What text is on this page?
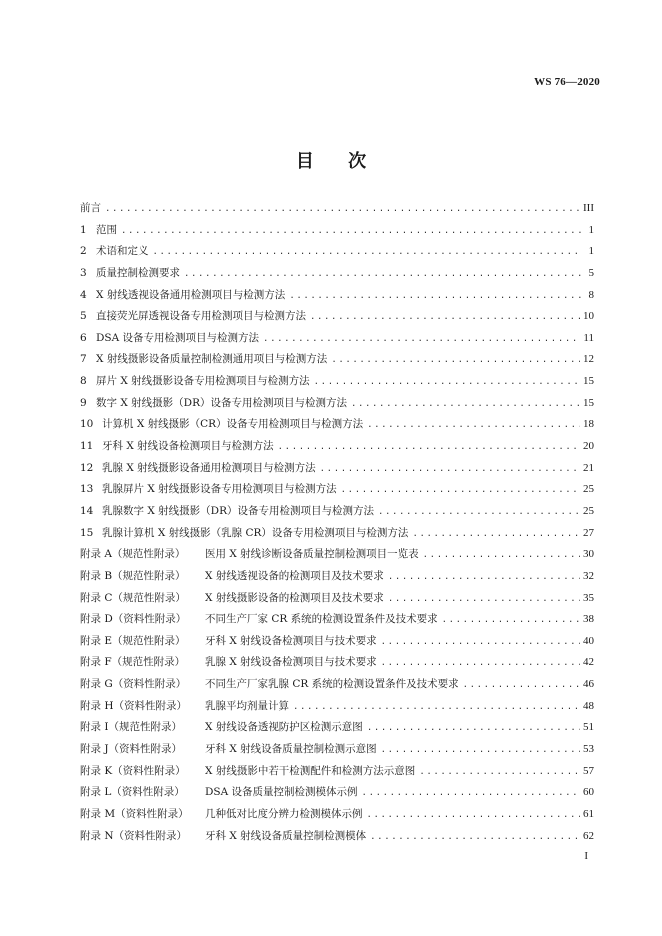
WS 76—2020
目 次
前言 .....	III
1 范围 .....	1
2 术语和定义 .....	1
3 质量控制检测要求 .....	5
4 X 射线透视设备通用检测项目与检测方法 .....	8
5 直接荧光屏透视设备专用检测项目与检测方法 .....	10
6 DSA 设备专用检测项目与检测方法 .....	11
7 X 射线摄影设备质量控制检测通用项目与检测方法 .....	12
8 屏片 X 射线摄影设备专用检测项目与检测方法 .....	15
9 数字 X 射线摄影（DR）设备专用检测项目与检测方法 .....	15
10 计算机 X 射线摄影（CR）设备专用检测项目与检测方法 .....	18
11 牙科 X 射线设备检测项目与检测方法 .....	20
12 乳腺 X 射线摄影设备通用检测项目与检测方法 .....	21
13 乳腺屏片 X 射线摄影设备专用检测项目与检测方法 .....	25
14 乳腺数字 X 射线摄影（DR）设备专用检测项目与检测方法 .....	25
15 乳腺计算机 X 射线摄影（乳腺 CR）设备专用检测项目与检测方法 .....	27
附录 A（规范性附录）	医用 X 射线诊断设备质量控制检测项目一览表 .....	30
附录 B（规范性附录）	X 射线透视设备的检测项目及技术要求 .....	32
附录 C（规范性附录）	X 射线摄影设备的检测项目及技术要求 .....	35
附录 D（资料性附录）	不同生产厂家 CR 系统的检测设置条件及技术要求 .....	38
附录 E（规范性附录）	牙科 X 射线设备检测项目与技术要求 .....	40
附录 F（规范性附录）	乳腺 X 射线设备检测项目与技术要求 .....	42
附录 G（资料性附录）	不同生产厂家乳腺 CR 系统的检测设置条件及技术要求 .....	46
附录 H（资料性附录）	乳腺平均剂量计算 .....	48
附录 I（规范性附录）	X 射线设备透视防护区检测示意图 .....	51
附录 J（资料性附录）	牙科 X 射线设备质量控制检测示意图 .....	53
附录 K（资料性附录）	X 射线摄影中若干检测配件和检测方法示意图 .....	57
附录 L（资料性附录）	DSA 设备质量控制检测模体示例 .....	60
附录 M（资料性附录）	几种低对比度分辨力检测模体示例 .....	61
附录 N（资料性附录）	牙科 X 射线设备质量控制检测模体 .....	62
I
